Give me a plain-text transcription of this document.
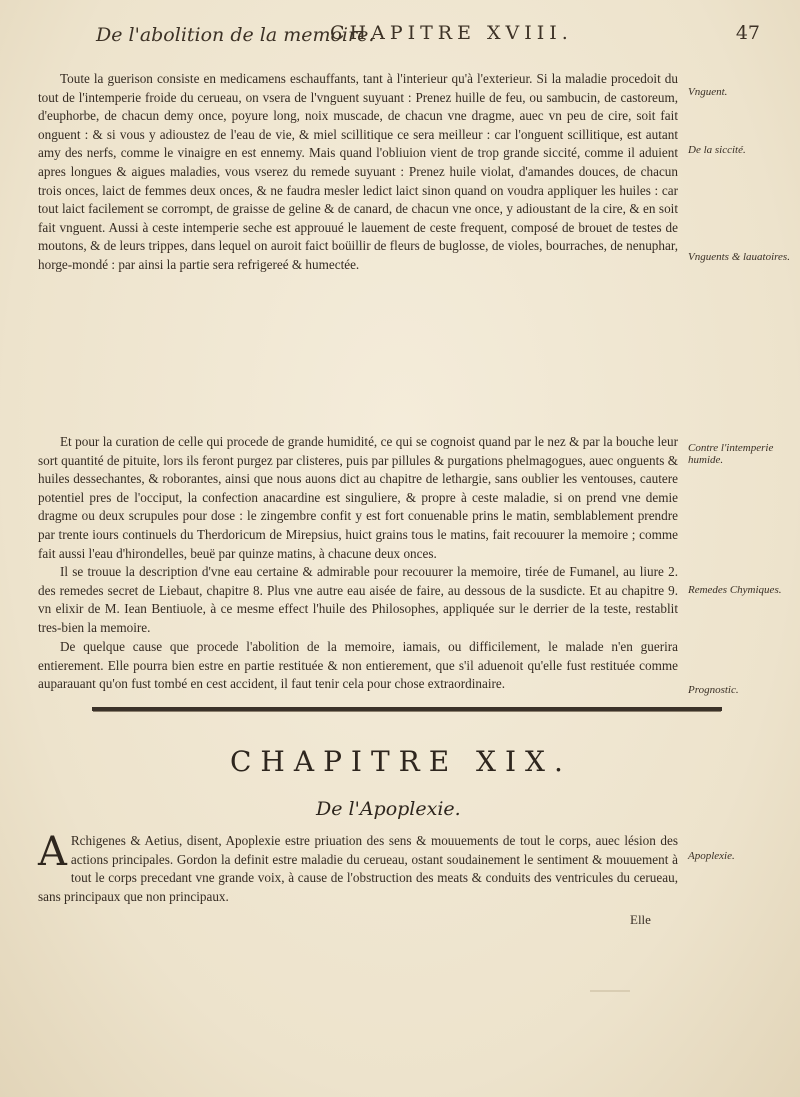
De l'abolition de la memoire.
CHAPITRE XVIII.	47

Toute la guerison consiste en medicamens eschauffants, tant à l'interieur qu'à l'exterieur. Si la maladie procedoit du tout de l'intemperie froide du cerueau, on vsera de l'vnguent suyuant : Prenez huille de feu, ou sambucin, de castoreum, d'euphorbe, de chacun demy once, poyure long, noix muscade, de chacun vne dragme, auec vn peu de cire, soit fait onguent : & si vous y adioustez de l'eau de vie, & miel scillitique ce sera meilleur : car l'onguent scillitique, est autant amy des nerfs, comme le vinaigre en est ennemy. Mais quand l'obliuion vient de trop grande siccité, comme il aduient apres longues & aigues maladies, vous vserez du remede suyuant : Prenez huile violat, d'amandes douces, de chacun trois onces, laict de femmes deux onces, & ne faudra mesler ledict laict sinon quand on voudra appliquer les huiles : car tout laict facilement se corrompt, de graisse de geline & de canard, de chacun vne once, y adioustant de la cire, & en soit fait vnguent. Aussi à ceste intemperie seche est approuué le lauement de ceste frequent, composé de brouet de testes de moutons, & de leurs trippes, dans lequel on auroit faict boüillir de fleurs de buglosse, de violes, bourraches, de nenuphar, horge-mondé : par ainsi la partie sera refrigereé & humectée.

Et pour la curation de celle qui procede de grande humidité, ce qui se cognoist quand par le nez & par la bouche leur sort quantité de pituite, lors ils feront purgez par clisteres, puis par pillules & purgations phelmagogues, auec onguents & huiles dessechantes, & roborantes, ainsi que nous auons dict au chapitre de lethargie, sans oublier les ventouses, cautere potentiel pres de l'occiput, la confection anacardine est singuliere, & propre à ceste maladie, si on prend vne demie dragme ou deux scrupules pour dose : le zingembre confit y est fort conuenable prins le matin, semblablement prendre par trente iours continuels du Therdoricum de Mirepsius, huict grains tous le matins, fait recouurer la memoire ; comme fait aussi l'eau d'hirondelles, beuë par quinze matins, à chacune deux onces.

Il se trouue la description d'vne eau certaine & admirable pour recouurer la memoire, tirée de Fumanel, au liure 2. des remedes secret de Liebaut, chapitre 8. Plus vne autre eau aisée de faire, au dessous de la susdicte. Et au chapitre 9. vn elixir de M. Iean Bentiuole, à ce mesme effect l'huile des Philosophes, appliquée sur le derrier de la teste, restablit tres-bien la memoire.

De quelque cause que procede l'abolition de la memoire, iamais, ou difficilement, le malade n'en guerira entierement. Elle pourra bien estre en partie restituée & non entierement, que s'il aduenoit qu'elle fust restituée comme auparauant qu'on fust tombé en cest accident, il faut tenir cela pour chose extraordinaire.

Vnguent.
De la siccité.
Vnguents & lauatoires.
Contre l'intemperie humide.
Remedes Chymiques.
Prognostic.
CHAPITRE XIX.
De l'Apoplexie.
A Rchigenes & Aetius, disent, Apoplexie estre priuation des sens & mouuements de tout le corps, auec lésion des actions principales. Gordon la definit estre maladie du cerueau, ostant soudainement le sentiment & mouuement à tout le corps precedant vne grande voix, à cause de l'obstruction des meats & conduits des ventricules du cerueau, sans principaux que non principaux.
Apoplexie.
Elle
